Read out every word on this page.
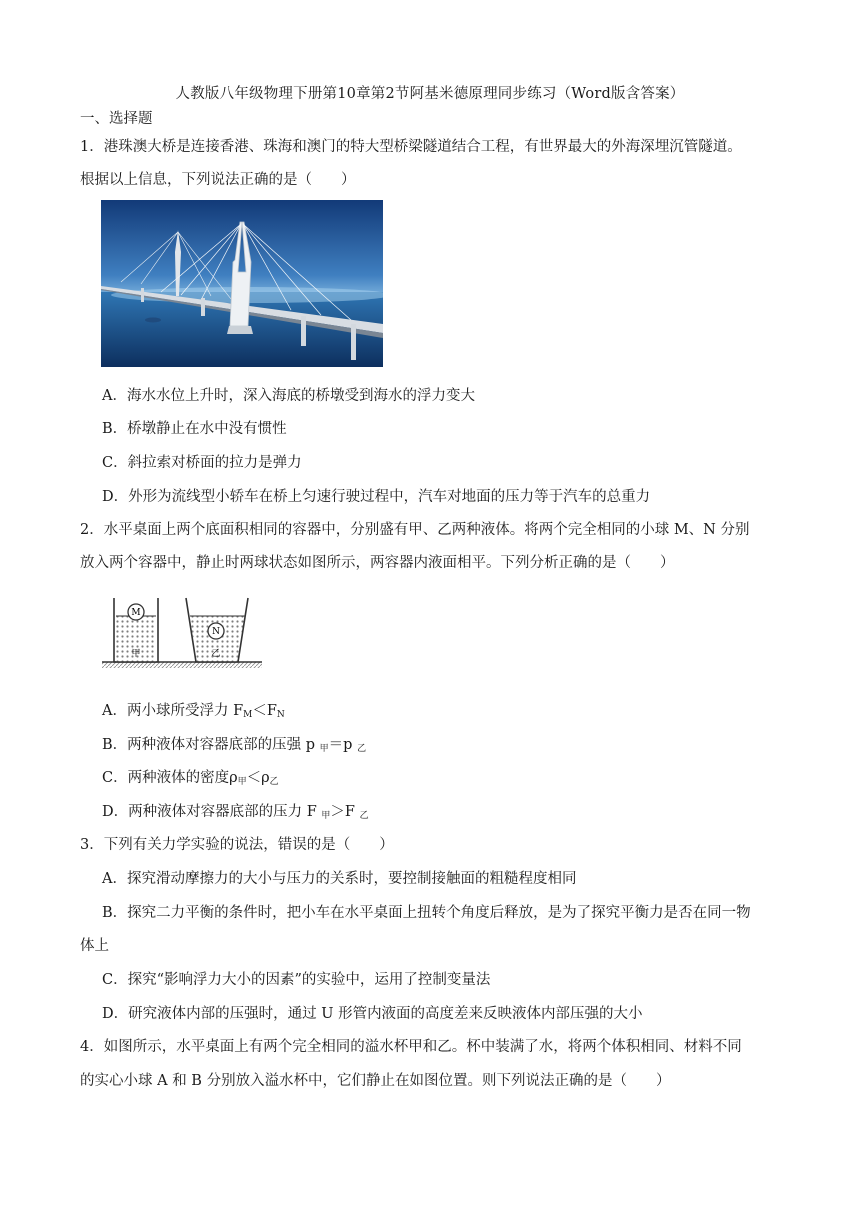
人教版八年级物理下册第10章第2节阿基米德原理同步练习（Word版含答案）
一、选择题
1．港珠澳大桥是连接香港、珠海和澳门的特大型桥梁隧道结合工程，有世界最大的外海深埋沉管隧道。
根据以上信息，下列说法正确的是（　　）
A．海水水位上升时，深入海底的桥墩受到海水的浮力变大
B．桥墩静止在水中没有惯性
C．斜拉索对桥面的拉力是弹力
D．外形为流线型小轿车在桥上匀速行驶过程中，汽车对地面的压力等于汽车的总重力
2．水平桌面上两个底面积相同的容器中，分别盛有甲、乙两种液体。将两个完全相同的小球 M、N 分别
放入两个容器中，静止时两球状态如图所示，两容器内液面相平。下列分析正确的是（　　）
M
甲
N
乙
A．两小球所受浮力 $F_M<F_N$
B．两种液体对容器底部的压强 p $_甲$＝p $_乙$
C．两种液体的密度$\rho_甲<\rho_乙$
D．两种液体对容器底部的压力 F $_甲$＞F $_乙$
3．下列有关力学实验的说法，错误的是（　　）
A．探究滑动摩擦力的大小与压力的关系时，要控制接触面的粗糙程度相同
B．探究二力平衡的条件时，把小车在水平桌面上扭转个角度后释放，是为了探究平衡力是否在同一物
体上
C．探究“影响浮力大小的因素”的实验中，运用了控制变量法
D．研究液体内部的压强时，通过 U 形管内液面的高度差来反映液体内部压强的大小
4．如图所示，水平桌面上有两个完全相同的溢水杯甲和乙。杯中装满了水，将两个体积相同、材料不同
的实心小球 A 和 B 分别放入溢水杯中，它们静止在如图位置。则下列说法正确的是（　　）
